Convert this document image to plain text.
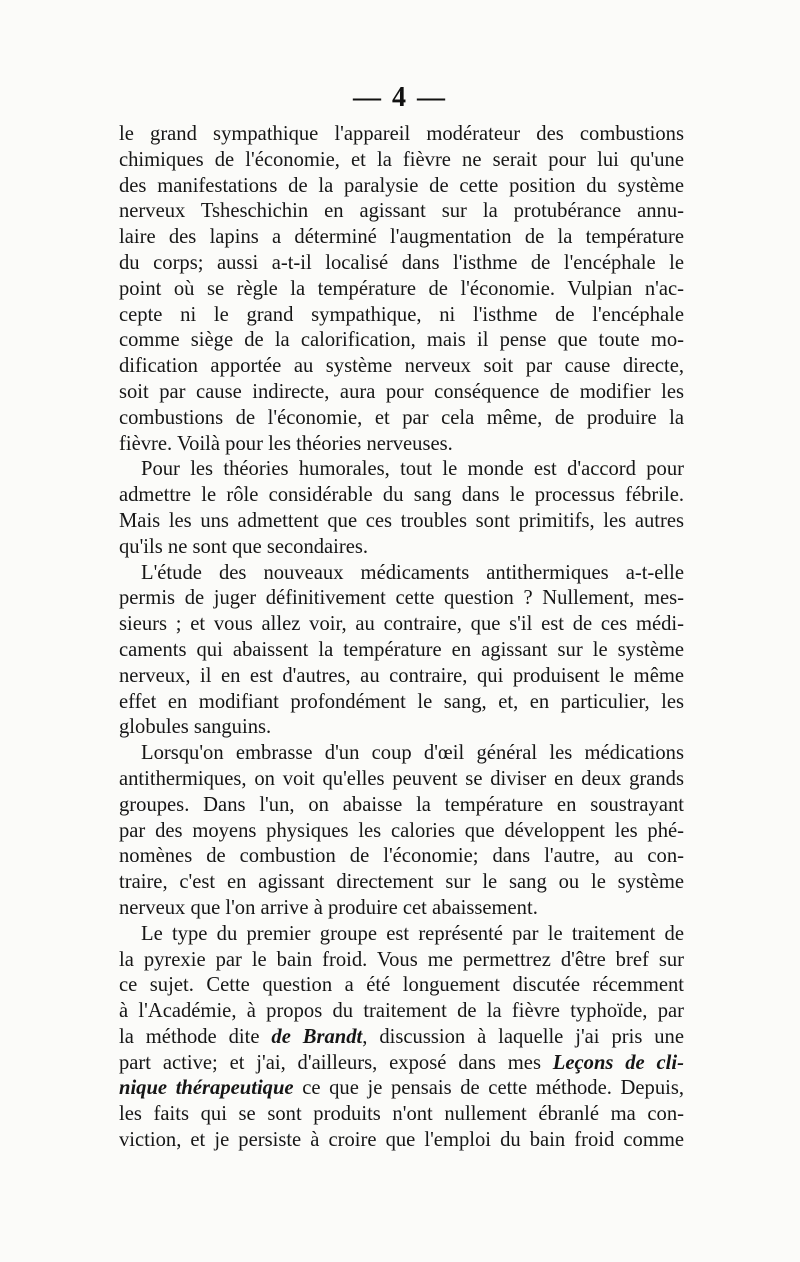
— 4 —
le grand sympathique l'appareil modérateur des combustions
chimiques de l'économie, et la fièvre ne serait pour lui qu'une
des manifestations de la paralysie de cette position du système
nerveux Tsheschichin en agissant sur la protubérance annu-
laire des lapins a déterminé l'augmentation de la température
du corps; aussi a-t-il localisé dans l'isthme de l'encéphale le
point où se règle la température de l'économie. Vulpian n'ac-
cepte ni le grand sympathique, ni l'isthme de l'encéphale
comme siège de la calorification, mais il pense que toute mo-
dification apportée au système nerveux soit par cause directe,
soit par cause indirecte, aura pour conséquence de modifier les
combustions de l'économie, et par cela même, de produire la
fièvre. Voilà pour les théories nerveuses.
Pour les théories humorales, tout le monde est d'accord pour
admettre le rôle considérable du sang dans le processus fébrile.
Mais les uns admettent que ces troubles sont primitifs, les autres
qu'ils ne sont que secondaires.
L'étude des nouveaux médicaments antithermiques a-t-elle
permis de juger définitivement cette question ? Nullement, mes-
sieurs ; et vous allez voir, au contraire, que s'il est de ces médi-
caments qui abaissent la température en agissant sur le système
nerveux, il en est d'autres, au contraire, qui produisent le même
effet en modifiant profondément le sang, et, en particulier, les
globules sanguins.
Lorsqu'on embrasse d'un coup d'œil général les médications
antithermiques, on voit qu'elles peuvent se diviser en deux grands
groupes. Dans l'un, on abaisse la température en soustrayant
par des moyens physiques les calories que développent les phé-
nomènes de combustion de l'économie; dans l'autre, au con-
traire, c'est en agissant directement sur le sang ou le système
nerveux que l'on arrive à produire cet abaissement.
Le type du premier groupe est représenté par le traitement de
la pyrexie par le bain froid. Vous me permettrez d'être bref sur
ce sujet. Cette question a été longuement discutée récemment
à l'Académie, à propos du traitement de la fièvre typhoïde, par
la méthode dite de Brandt, discussion à laquelle j'ai pris une
part active; et j'ai, d'ailleurs, exposé dans mes Leçons de cli-
nique thérapeutique ce que je pensais de cette méthode. Depuis,
les faits qui se sont produits n'ont nullement ébranlé ma con-
viction, et je persiste à croire que l'emploi du bain froid comme
